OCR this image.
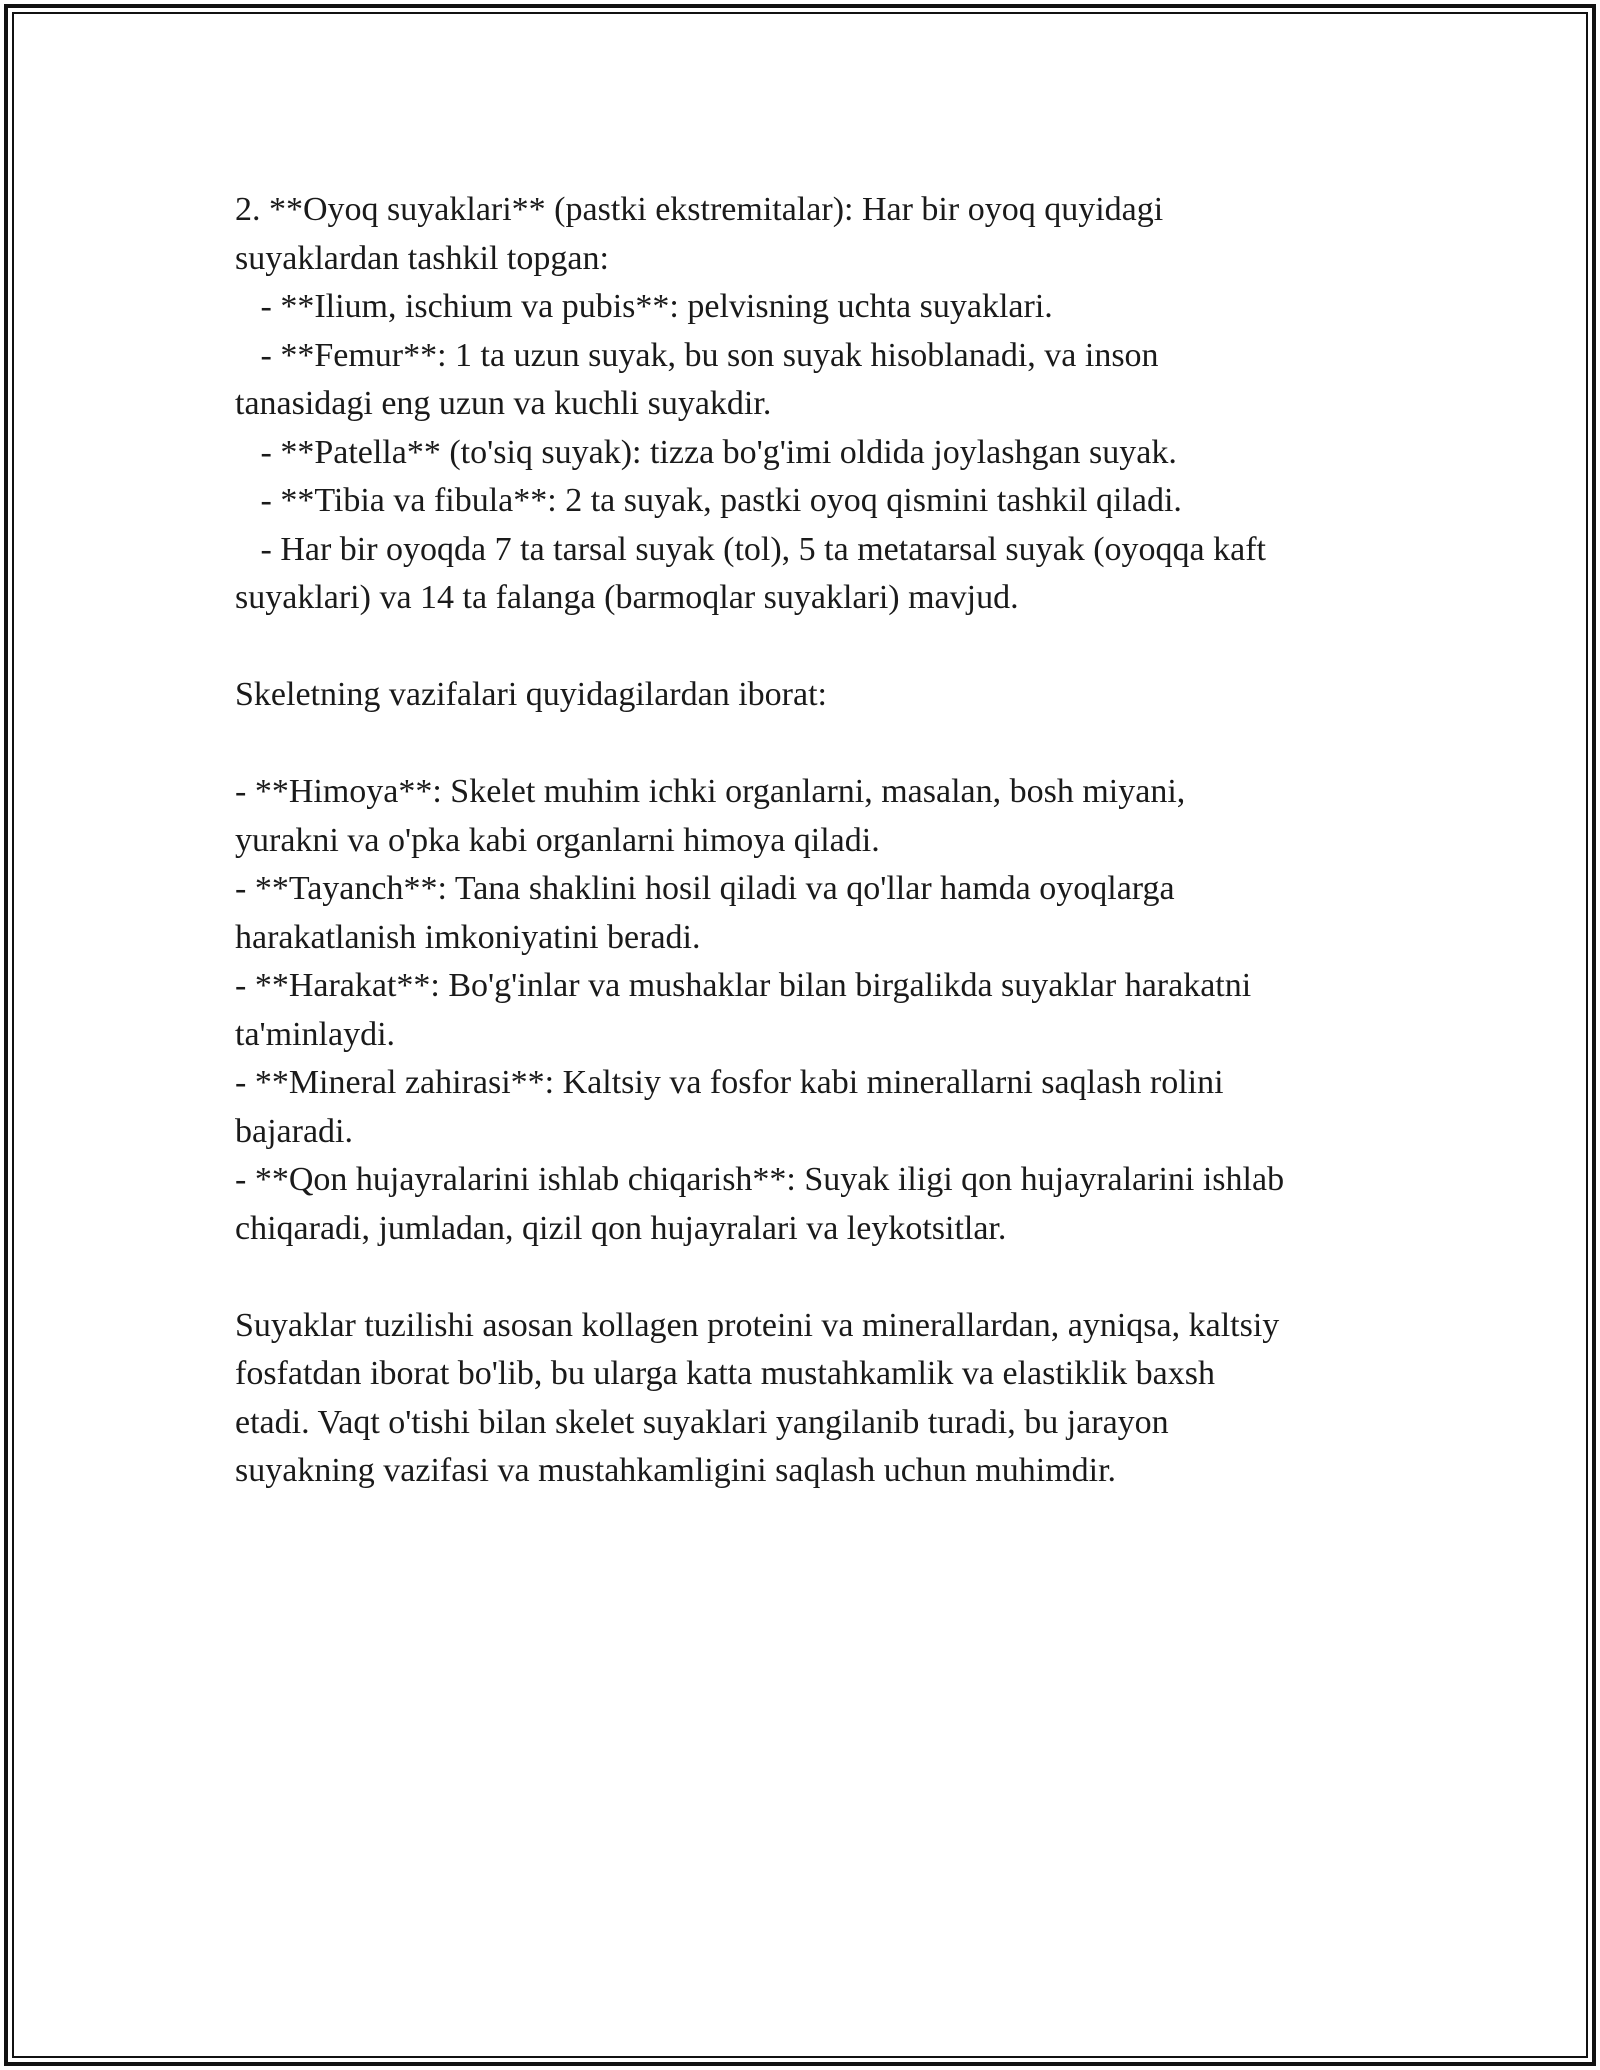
2. **Oyoq suyaklari** (pastki ekstremitalar): Har bir oyoq quyidagi

suyaklardan tashkil topgan:

- **Ilium, ischium va pubis**: pelvisning uchta suyaklari.

- **Femur**: 1 ta uzun suyak, bu son suyak hisoblanadi, va inson

tanasidagi eng uzun va kuchli suyakdir.

- **Patella** (to'siq suyak): tizza bo'g'imi oldida joylashgan suyak.

- **Tibia va fibula**: 2 ta suyak, pastki oyoq qismini tashkil qiladi.

- Har bir oyoqda 7 ta tarsal suyak (tol), 5 ta metatarsal suyak (oyoqqa kaft

suyaklari) va 14 ta falanga (barmoqlar suyaklari) mavjud.

Skeletning vazifalari quyidagilardan iborat:

- **Himoya**: Skelet muhim ichki organlarni, masalan, bosh miyani,

yurakni va o'pka kabi organlarni himoya qiladi.

- **Tayanch**: Tana shaklini hosil qiladi va qo'llar hamda oyoqlarga

harakatlanish imkoniyatini beradi.

- **Harakat**: Bo'g'inlar va mushaklar bilan birgalikda suyaklar harakatni

ta'minlaydi.

- **Mineral zahirasi**: Kaltsiy va fosfor kabi minerallarni saqlash rolini

bajaradi.

- **Qon hujayralarini ishlab chiqarish**: Suyak iligi qon hujayralarini ishlab

chiqaradi, jumladan, qizil qon hujayralari va leykotsitlar.

Suyaklar tuzilishi asosan kollagen proteini va minerallardan, ayniqsa, kaltsiy

fosfatdan iborat bo'lib, bu ularga katta mustahkamlik va elastiklik baxsh

etadi. Vaqt o'tishi bilan skelet suyaklari yangilanib turadi, bu jarayon

suyakning vazifasi va mustahkamligini saqlash uchun muhimdir.
